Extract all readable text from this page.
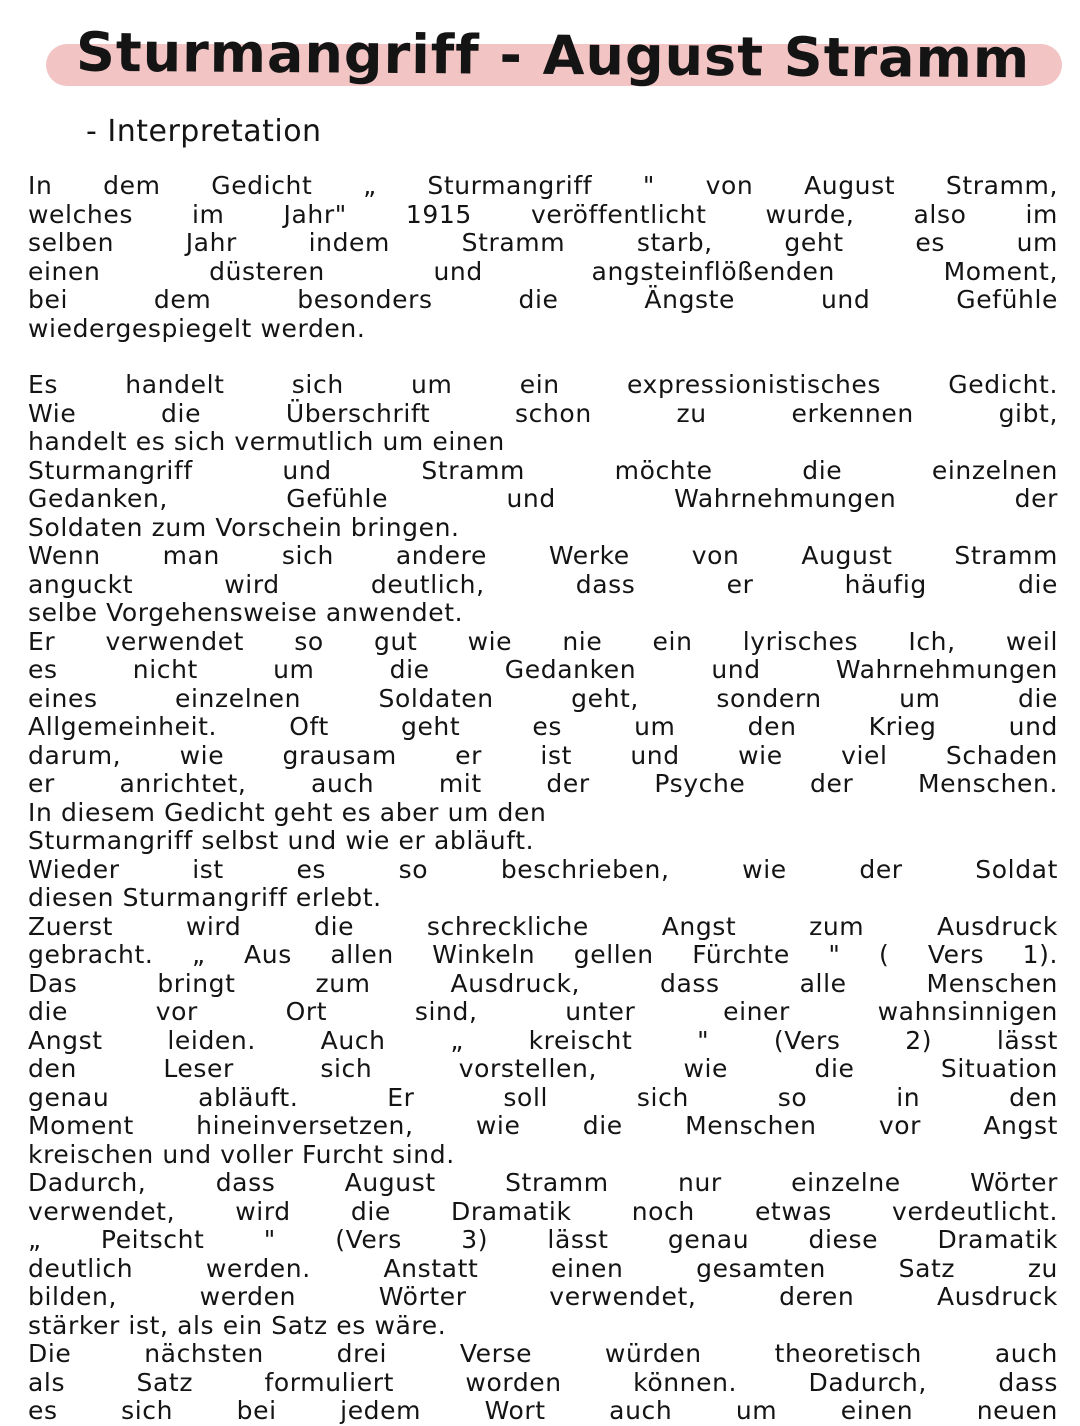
Sturmangriff - August Stramm
- Interpretation
In dem Gedicht „ Sturmangriff " von August Stramm,
welches im Jahr" 1915 veröffentlicht wurde, also im
selben Jahr indem Stramm starb, geht es um
einen düsteren und angsteinflößenden Moment,
bei dem besonders die Ängste und Gefühle
wiedergespiegelt werden.
Es handelt sich um ein expressionistisches Gedicht.
Wie die Überschrift schon zu erkennen gibt,
handelt es sich vermutlich um einen
Sturmangriff und Stramm möchte die einzelnen
Gedanken, Gefühle und Wahrnehmungen der
Soldaten zum Vorschein bringen.
Wenn man sich andere Werke von August Stramm
anguckt wird deutlich, dass er häufig die
selbe Vorgehensweise anwendet.
Er verwendet so gut wie nie ein lyrisches Ich, weil
es nicht um die Gedanken und Wahrnehmungen
eines einzelnen Soldaten geht, sondern um die
Allgemeinheit. Oft geht es um den Krieg und
darum, wie grausam er ist und wie viel Schaden
er anrichtet, auch mit der Psyche der Menschen.
In diesem Gedicht geht es aber um den
Sturmangriff selbst und wie er abläuft.
Wieder ist es so beschrieben, wie der Soldat
diesen Sturmangriff erlebt.
Zuerst wird die schreckliche Angst zum Ausdruck
gebracht. „ Aus allen Winkeln gellen Fürchte " ( Vers 1).
Das bringt zum Ausdruck, dass alle Menschen
die vor Ort sind, unter einer wahnsinnigen
Angst leiden. Auch „ kreischt " (Vers 2) lässt
den Leser sich vorstellen, wie die Situation
genau abläuft. Er soll sich so in den
Moment hineinversetzen, wie die Menschen vor Angst
kreischen und voller Furcht sind.
Dadurch, dass August Stramm nur einzelne Wörter
verwendet, wird die Dramatik noch etwas verdeutlicht.
„ Peitscht " (Vers 3) lässt genau diese Dramatik
deutlich werden. Anstatt einen gesamten Satz zu
bilden, werden Wörter verwendet, deren Ausdruck
stärker ist, als ein Satz es wäre.
Die nächsten drei Verse würden theoretisch auch
als Satz formuliert worden können. Dadurch, dass
es sich bei jedem Wort auch um einen neuen
